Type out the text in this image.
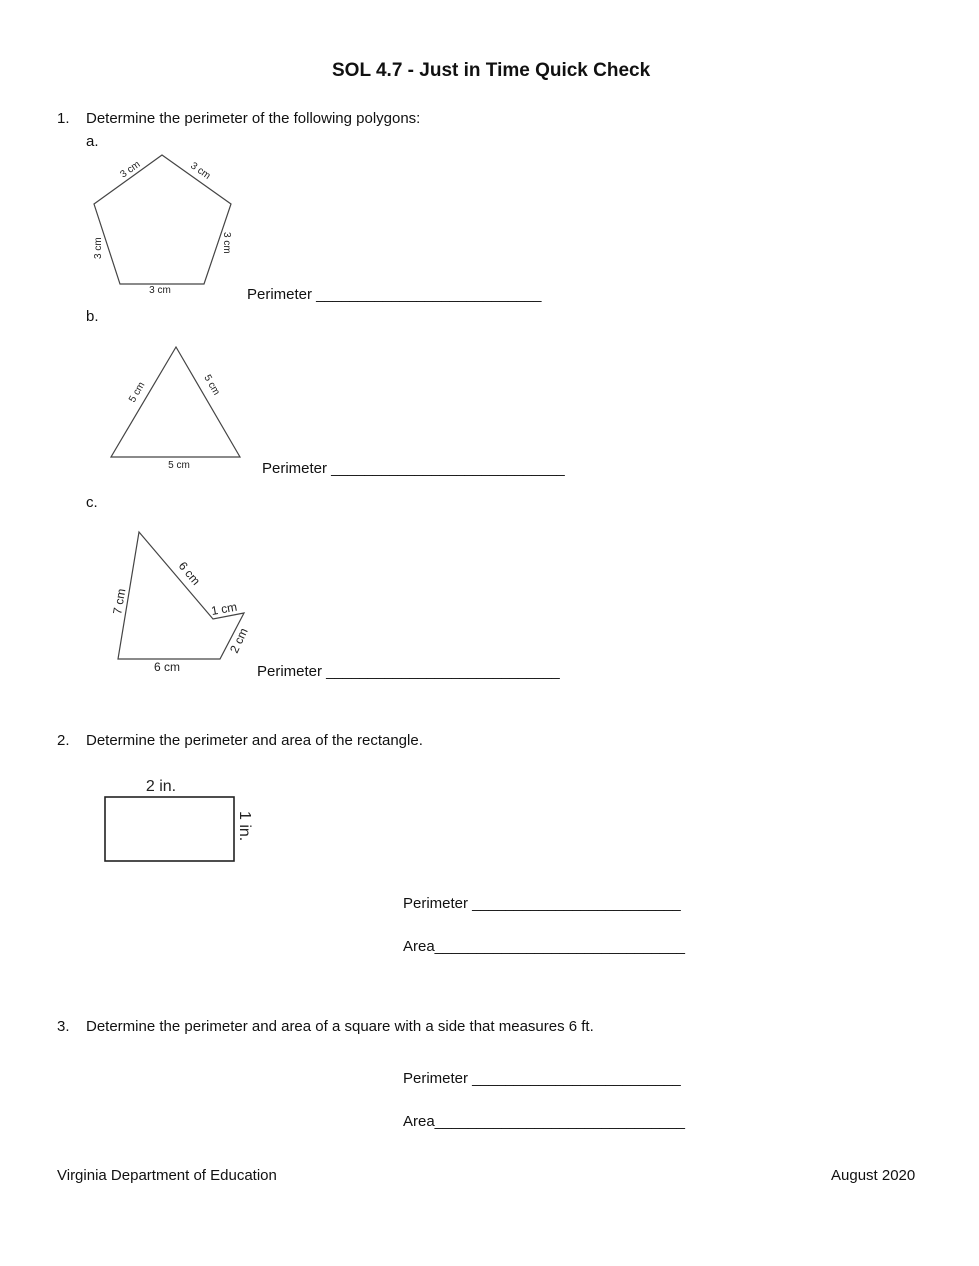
SOL 4.7 - Just in Time Quick Check
1. Determine the perimeter of the following polygons:
a.
3 cm	3 cm
3 cm
3 cm
3 cm
Perimeter ___________________________
b.
5 cm	5 cm
5 cm	Perimeter ____________________________
c.
7 cm
6 cm
1 cm
2 cm
6 cm	Perimeter ____________________________
2. Determine the perimeter and area of the rectangle.
2 in.
1 in.
Perimeter _________________________
Area______________________________
3. Determine the perimeter and area of a square with a side that measures 6 ft.
Perimeter _________________________
Area______________________________
Virginia Department of Education	August 2020
